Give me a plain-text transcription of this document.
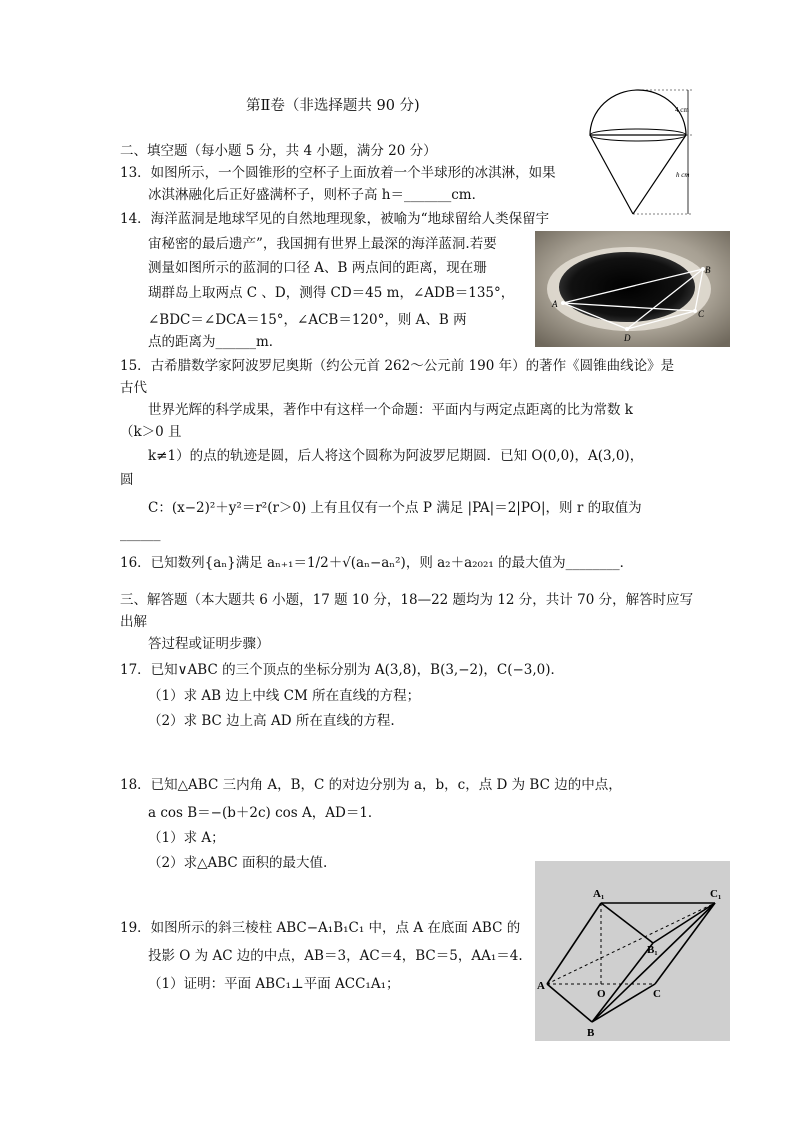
第Ⅱ卷（非选择题共 90 分)
二、填空题（每小题 5 分，共 4 小题，满分 20 分）
13．如图所示，一个圆锥形的空杯子上面放着一个半球形的冰淇淋，如果
冰淇淋融化后正好盛满杯子，则杯子高 h＝_______cm．
14．海洋蓝洞是地球罕见的自然地理现象，被喻为“地球留给人类保留宇
宙秘密的最后遗产”，我国拥有世界上最深的海洋蓝洞.若要
测量如图所示的蓝洞的口径 A、B 两点间的距离，现在珊
瑚群岛上取两点 C 、D，测得 CD＝45 m，∠ADB＝135°，
∠BDC＝∠DCA＝15°，∠ACB＝120°，则 A、B 两
点的距离为______m．
15．古希腊数学家阿波罗尼奥斯（约公元首 262～公元前 190 年）的著作《圆锥曲线论》是
古代
世界光辉的科学成果，著作中有这样一个命题：平面内与两定点距离的比为常数 k
（k＞0 且
k≠1）的点的轨迹是圆，后人将这个圆称为阿波罗尼期圆．已知 O(0,0)，A(3,0)，
圆
C：(x−2)²＋y²＝r²(r＞0) 上有且仅有一个点 P 满足 |PA|＝2|PO|，则 r 的取值为
______
16．已知数列{aₙ}满足 aₙ₊₁＝1/2＋√(aₙ−aₙ²)，则 a₂＋a₂₀₂₁ 的最大值为________．
三、解答题（本大题共 6 小题，17 题 10 分，18—22 题均为 12 分，共计 70 分，解答时应写
出解
答过程或证明步骤）
17．已知∨ABC 的三个顶点的坐标分别为 A(3,8)，B(3,−2)，C(−3,0)．
（1）求 AB 边上中线 CM 所在直线的方程；
（2）求 BC 边上高 AD 所在直线的方程.
18．已知△ABC 三内角 A，B，C 的对边分别为 a，b，c，点 D 为 BC 边的中点，
a cos B＝−(b＋2c) cos A，AD＝1．
（1）求 A；
（2）求△ABC 面积的最大值.
19．如图所示的斜三棱柱 ABC−A₁B₁C₁ 中，点 A 在底面 ABC 的
投影 O 为 AC 边的中点，AB＝3，AC＝4，BC＝5，AA₁＝4.
（1）证明：平面 ABC₁⊥平面 ACC₁A₁；
4 cm
h cm
A
B
C
D
A₁	C₁
B₁
A
O	C
B
